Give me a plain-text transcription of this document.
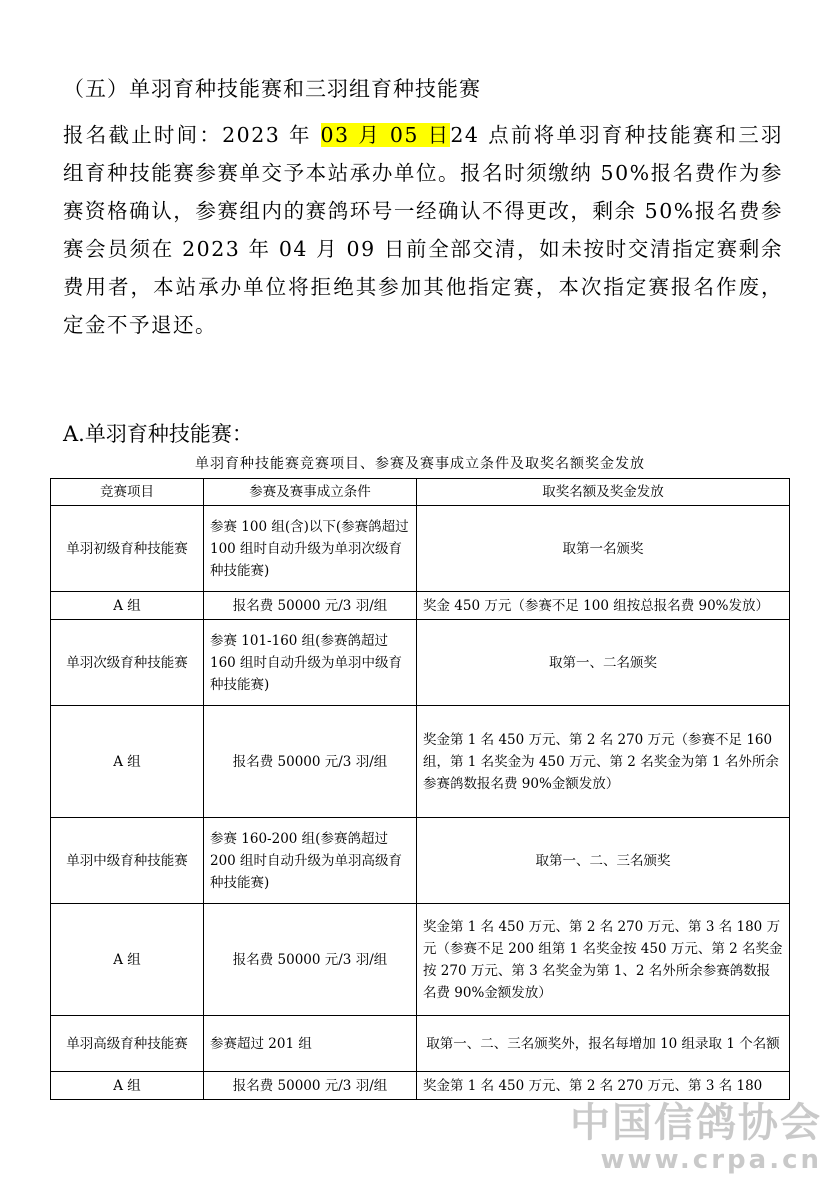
（五）单羽育种技能赛和三羽组育种技能赛
报名截止时间：2023 年 03 月 05 日24 点前将单羽育种技能赛和三羽组育种技能赛参赛单交予本站承办单位。报名时须缴纳 50%报名费作为参赛资格确认，参赛组内的赛鸽环号一经确认不得更改，剩余 50%报名费参赛会员须在 2023 年 04 月 09 日前全部交清，如未按时交清指定赛剩余费用者，本站承办单位将拒绝其参加其他指定赛，本次指定赛报名作废，定金不予退还。
A.单羽育种技能赛：
单羽育种技能赛竞赛项目、参赛及赛事成立条件及取奖名额奖金发放
竞赛项目	参赛及赛事成立条件	取奖名额及奖金发放
单羽初级育种技能赛	参赛 100 组(含)以下(参赛鸽超过 100 组时自动升级为单羽次级育种技能赛)	取第一名颁奖
A 组	报名费 50000 元/3 羽/组	奖金 450 万元（参赛不足 100 组按总报名费 90%发放）
单羽次级育种技能赛	参赛 101-160 组(参赛鸽超过 160 组时自动升级为单羽中级育种技能赛)	取第一、二名颁奖
A 组	报名费 50000 元/3 羽/组	奖金第 1 名 450 万元、第 2 名 270 万元（参赛不足 160 组，第 1 名奖金为 450 万元、第 2 名奖金为第 1 名外所余参赛鸽数报名费 90%金额发放）
单羽中级育种技能赛	参赛 160-200 组(参赛鸽超过 200 组时自动升级为单羽高级育种技能赛)	取第一、二、三名颁奖
A 组	报名费 50000 元/3 羽/组	奖金第 1 名 450 万元、第 2 名 270 万元、第 3 名 180 万元（参赛不足 200 组第 1 名奖金按 450 万元、第 2 名奖金按 270 万元、第 3 名奖金为第 1、2 名外所余参赛鸽数报名费 90%金额发放）
单羽高级育种技能赛	参赛超过 201 组	取第一、二、三名颁奖外，报名每增加 10 组录取 1 个名额
A 组	报名费 50000 元/3 羽/组	奖金第 1 名 450 万元、第 2 名 270 万元、第 3 名 180
中国信鸽协会
www.crpa.cn
